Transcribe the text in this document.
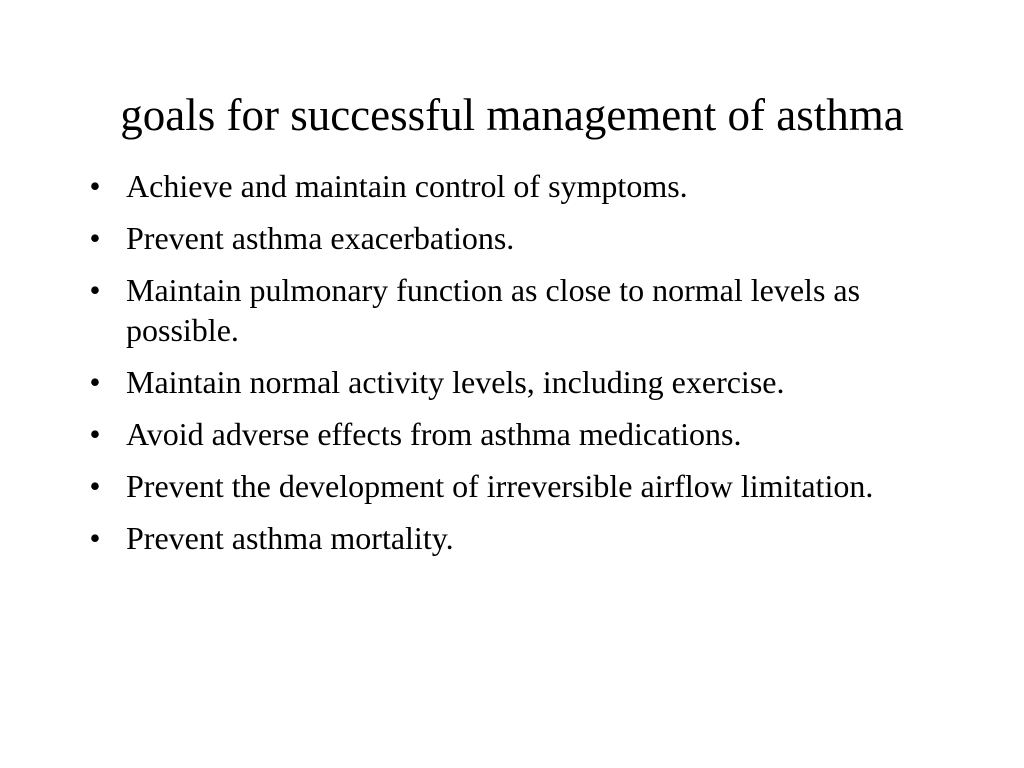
goals for successful management of asthma
• Achieve and maintain control of symptoms.
• Prevent asthma exacerbations.
• Maintain pulmonary function as close to normal levels as possible.
• Maintain normal activity levels, including exercise.
• Avoid adverse effects from asthma medications.
• Prevent the development of irreversible airflow limitation.
• Prevent asthma mortality.
